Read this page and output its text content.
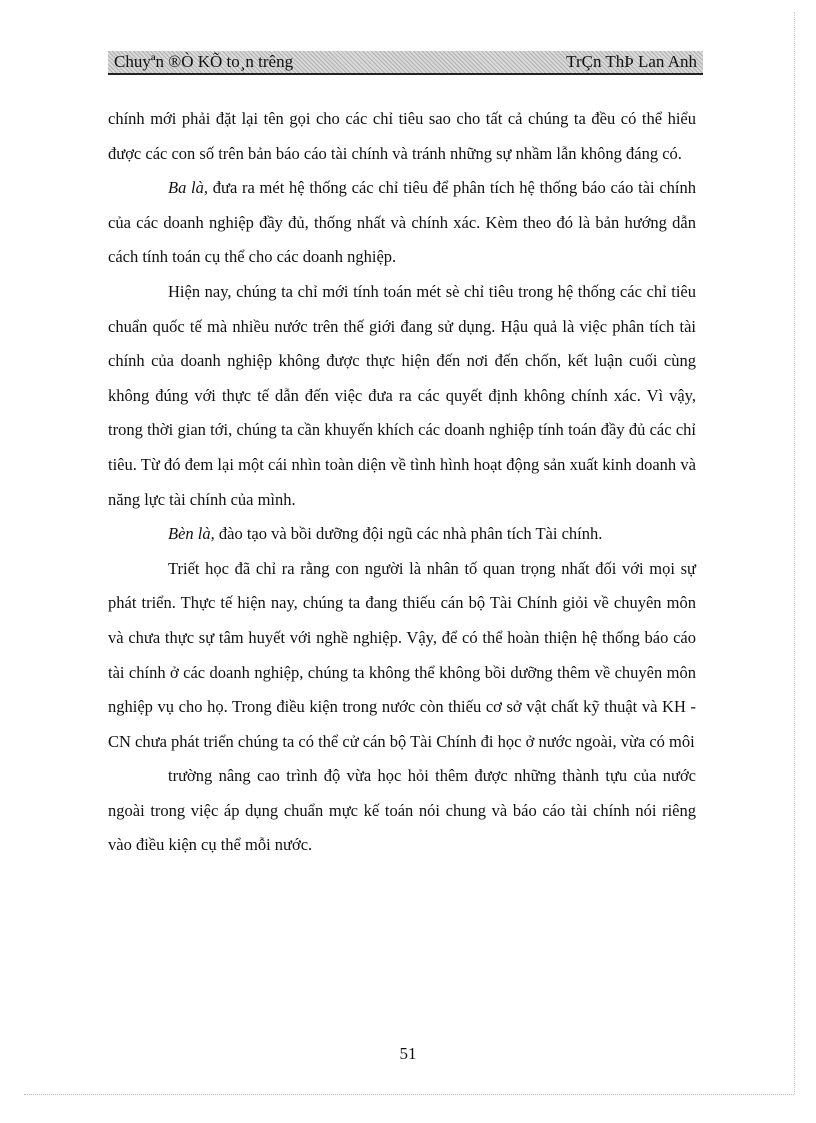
Chuyªn ®Ò KÕ to¸n trêng	TrÇn ThÞ Lan Anh

chính mới phải đặt lại tên gọi cho các chỉ tiêu sao cho tất cả chúng ta đều có thể hiểu được các con số trên bản báo cáo tài chính và tránh những sự nhầm lẫn không đáng có.

Ba là, đưa ra mét hệ thống các chỉ tiêu để phân tích hệ thống báo cáo tài chính của các doanh nghiệp đầy đủ, thống nhất và chính xác. Kèm theo đó là bản hướng dẫn cách tính toán cụ thể cho các doanh nghiệp.

Hiện nay, chúng ta chỉ mới tính toán mét sè chỉ tiêu trong hệ thống các chỉ tiêu chuẩn quốc tế mà nhiều nước trên thế giới đang sử dụng. Hậu quả là việc phân tích tài chính của doanh nghiệp không được thực hiện đến nơi đến chốn, kết luận cuối cùng không đúng với thực tế dẫn đến việc đưa ra các quyết định không chính xác. Vì vậy, trong thời gian tới, chúng ta cần khuyến khích các doanh nghiệp tính toán đầy đủ các chỉ tiêu. Từ đó đem lại một cái nhìn toàn diện về tình hình hoạt động sản xuất kinh doanh và năng lực tài chính của mình.

Bèn là, đào tạo và bồi dưỡng đội ngũ các nhà phân tích Tài chính.

Triết học đã chỉ ra rằng con người là nhân tố quan trọng nhất đối với mọi sự phát triển. Thực tế hiện nay, chúng ta đang thiếu cán bộ Tài Chính giỏi về chuyên môn và chưa thực sự tâm huyết với nghề nghiệp. Vậy, để có thể hoàn thiện hệ thống báo cáo tài chính ở các doanh nghiệp, chúng ta không thể không bồi dưỡng thêm về chuyên môn nghiệp vụ cho họ. Trong điều kiện trong nước còn thiếu cơ sở vật chất kỹ thuật và KH - CN chưa phát triển chúng ta có thể cử cán bộ Tài Chính đi học ở nước ngoài, vừa có môi

trường nâng cao trình độ vừa học hỏi thêm được những thành tựu của nước ngoài trong việc áp dụng chuẩn mực kế toán nói chung và báo cáo tài chính nói riêng vào điều kiện cụ thể mỗi nước.

51
